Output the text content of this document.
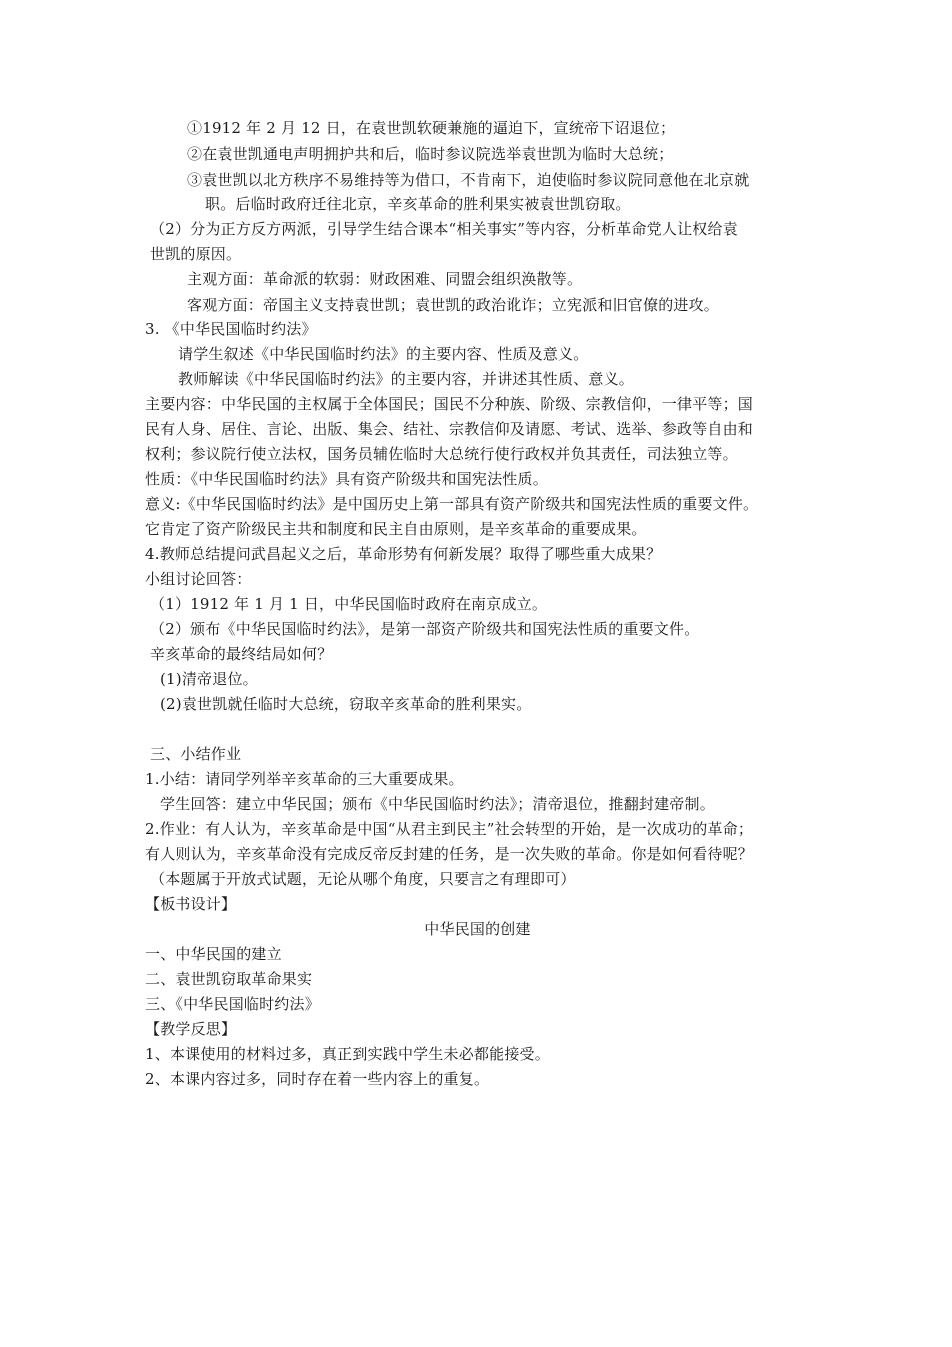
①1912 年 2 月 12 日，在袁世凯软硬兼施的逼迫下，宣统帝下诏退位；
②在袁世凯通电声明拥护共和后，临时参议院选举袁世凯为临时大总统；
③袁世凯以北方秩序不易维持等为借口，不肯南下，迫使临时参议院同意他在北京就
职。后临时政府迁往北京，辛亥革命的胜利果实被袁世凯窃取。
（2）分为正方反方两派，引导学生结合课本“相关事实”等内容，分析革命党人让权给袁
世凯的原因。
主观方面：革命派的软弱：财政困难、同盟会组织涣散等。
客观方面：帝国主义支持袁世凯；袁世凯的政治讹诈；立宪派和旧官僚的进攻。
3. 《中华民国临时约法》
请学生叙述《中华民国临时约法》的主要内容、性质及意义。
教师解读《中华民国临时约法》的主要内容，并讲述其性质、意义。
主要内容：中华民国的主权属于全体国民；国民不分种族、阶级、宗教信仰，一律平等；国
民有人身、居住、言论、出版、集会、结社、宗教信仰及请愿、考试、选举、参政等自由和
权利；参议院行使立法权，国务员辅佐临时大总统行使行政权并负其责任，司法独立等。
性质：《中华民国临时约法》具有资产阶级共和国宪法性质。
意义:《中华民国临时约法》是中国历史上第一部具有资产阶级共和国宪法性质的重要文件。
它肯定了资产阶级民主共和制度和民主自由原则，是辛亥革命的重要成果。
4.教师总结提问武昌起义之后，革命形势有何新发展？取得了哪些重大成果？
小组讨论回答：
（1）1912 年 1 月 1 日，中华民国临时政府在南京成立。
（2）颁布《中华民国临时约法》，是第一部资产阶级共和国宪法性质的重要文件。
辛亥革命的最终结局如何？
(1)清帝退位。
(2)袁世凯就任临时大总统，窃取辛亥革命的胜利果实。
三、小结作业
1.小结：请同学列举辛亥革命的三大重要成果。
学生回答：建立中华民国；颁布《中华民国临时约法》；清帝退位，推翻封建帝制。
2.作业：有人认为，辛亥革命是中国“从君主到民主”社会转型的开始，是一次成功的革命；
有人则认为，辛亥革命没有完成反帝反封建的任务，是一次失败的革命。你是如何看待呢？
（本题属于开放式试题，无论从哪个角度，只要言之有理即可）
【板书设计】
中华民国的创建
一、中华民国的建立
二、袁世凯窃取革命果实
三、《中华民国临时约法》
【教学反思】
1、本课使用的材料过多，真正到实践中学生未必都能接受。
2、本课内容过多，同时存在着一些内容上的重复。
